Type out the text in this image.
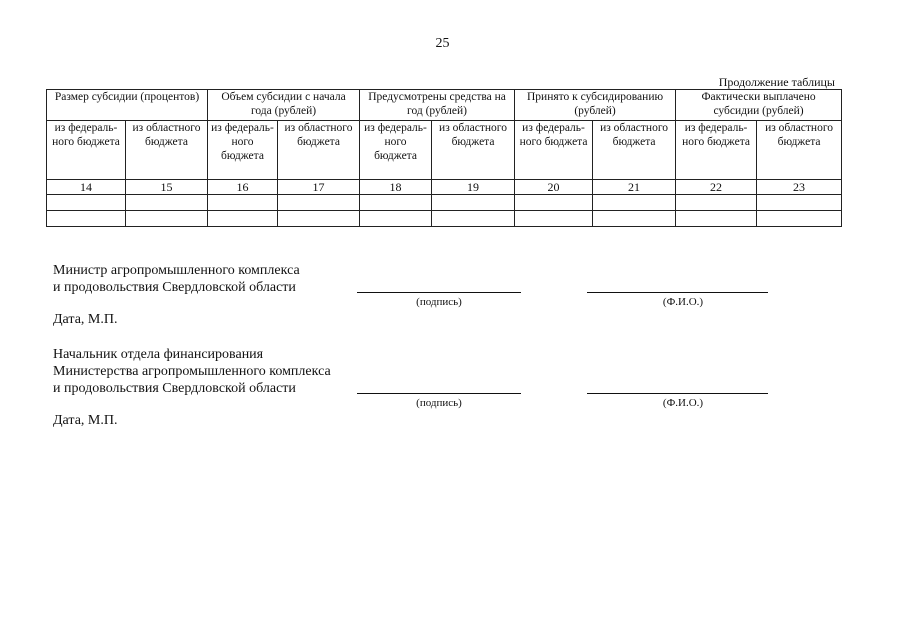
25
Продолжение таблицы
Размер субсидии (процентов)		Объем субсидии с начала года (рублей)		Предусмотрены средства на год (рублей)		Принято к субсидированию (рублей)		Фактически выплачено субсидии (рублей)	
из федераль-ного бюджета	из областного бюджета	из федераль-ного бюджета	из областного бюджета	из федераль-ного бюджета	из областного бюджета	из федераль-ного бюджета	из областного бюджета	из федераль-ного бюджета	из областного бюджета
14	15	16	17	18	19	20	21	22	23

Министр агропромышленного комплекса
и продовольствия Свердловской области
(подпись)	(Ф.И.О.)
Дата, М.П.
Начальник отдела финансирования
Министерства агропромышленного комплекса
и продовольствия Свердловской области
(подпись)	(Ф.И.О.)
Дата, М.П.
